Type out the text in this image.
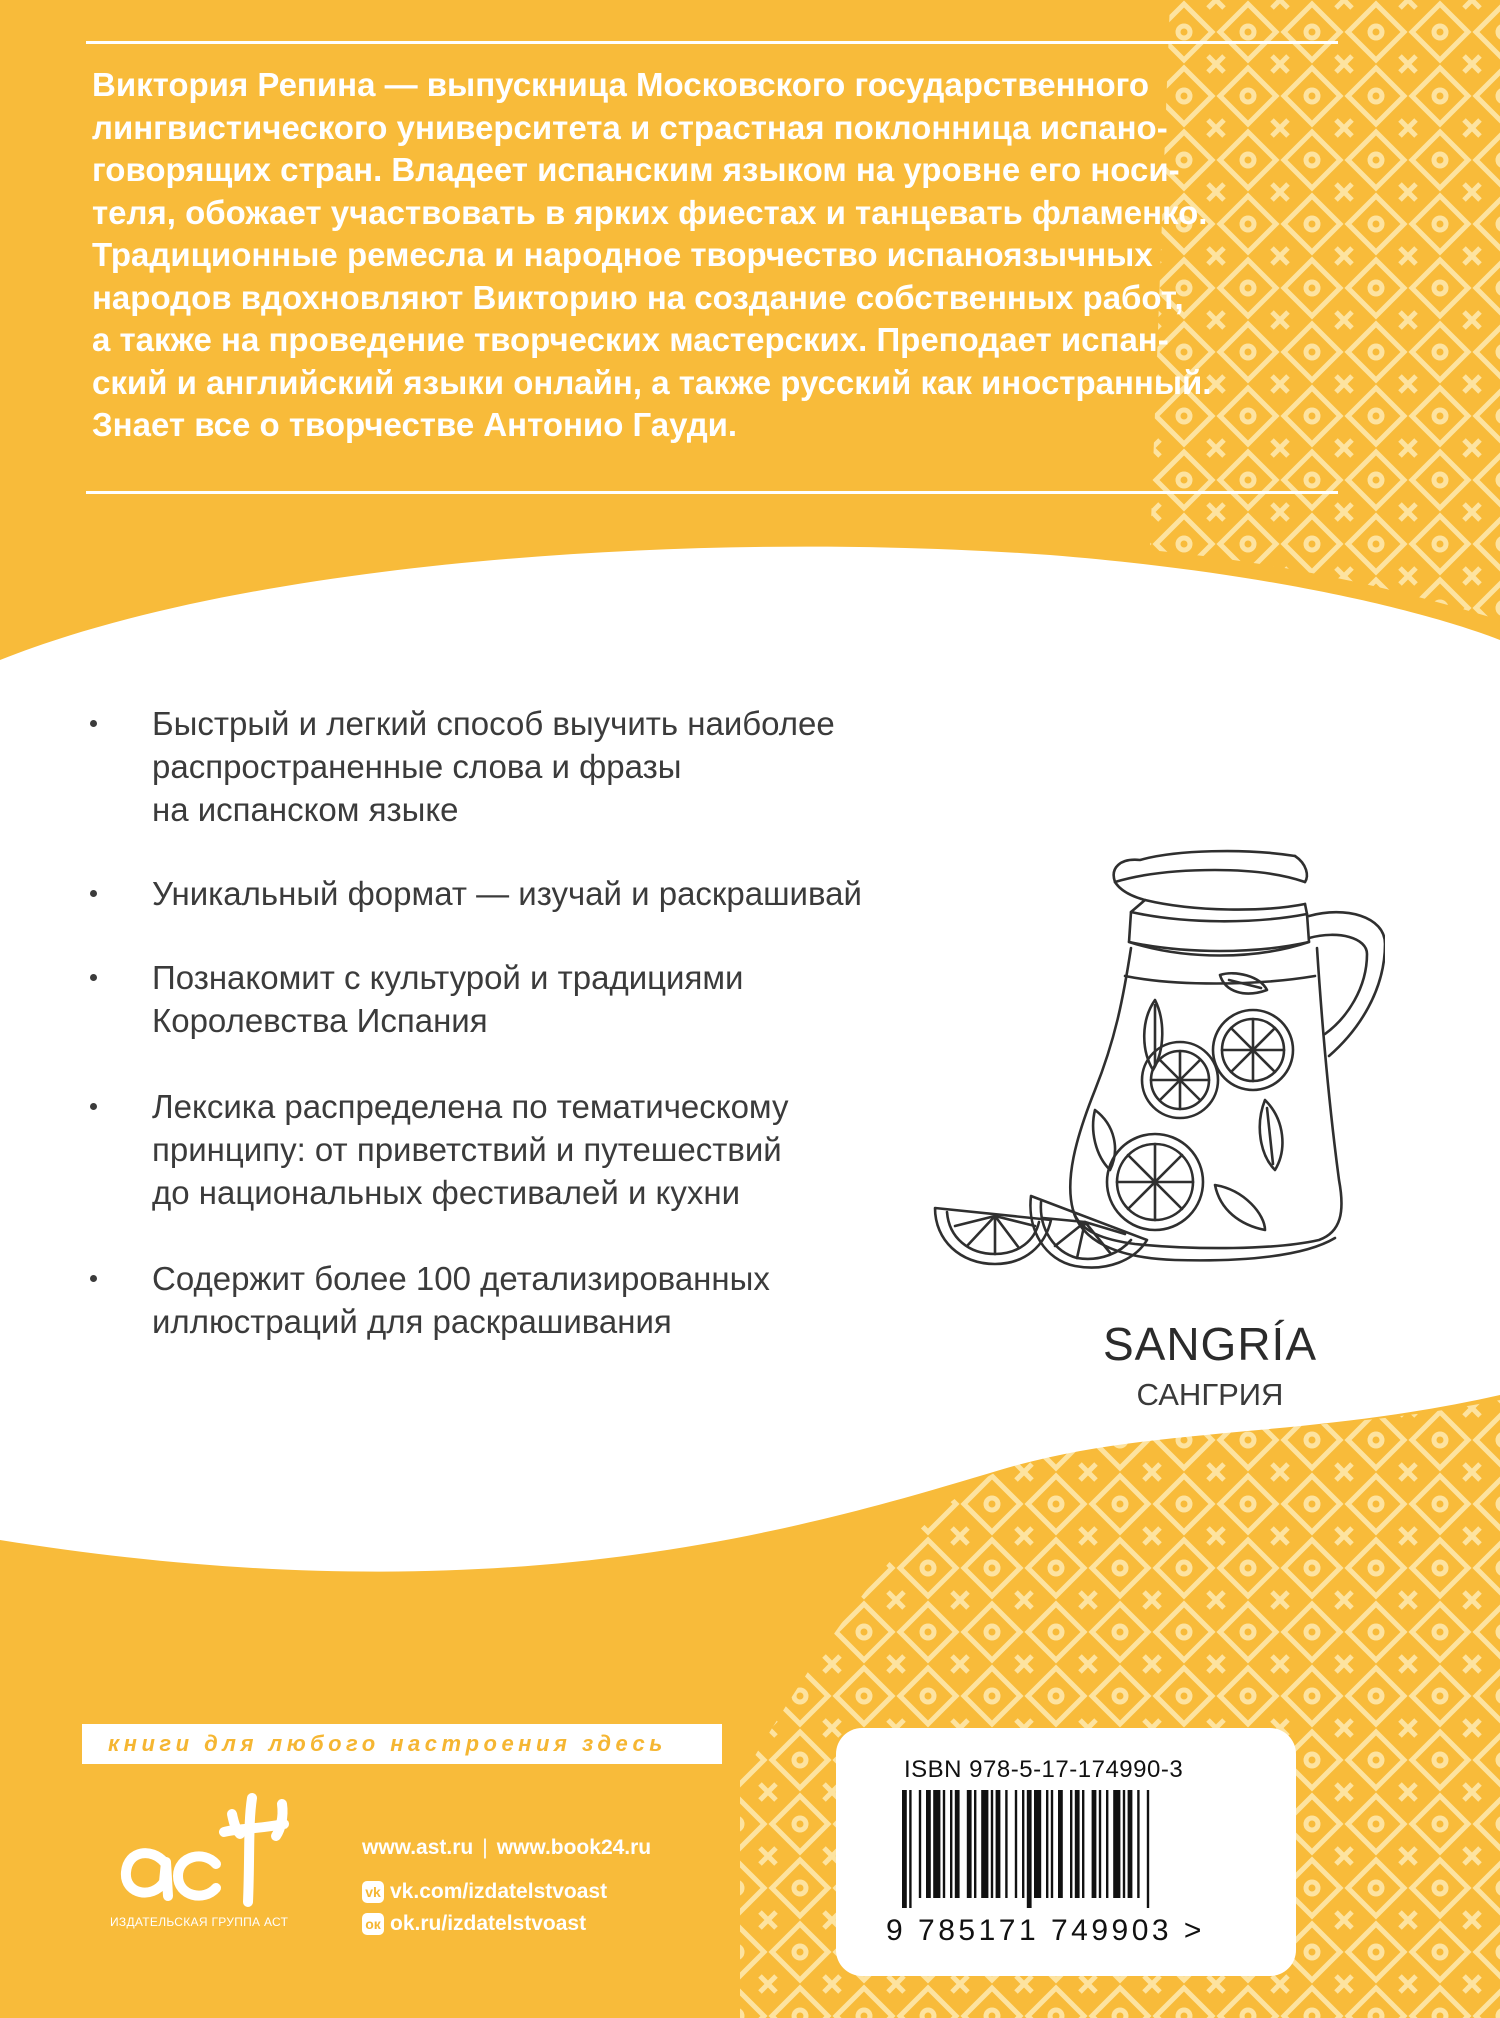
Виктория Репина — выпускница Московского государственного
лингвистического университета и страстная поклонница испано-
говорящих стран. Владеет испанским языком на уровне его носи-
теля, обожает участвовать в ярких фиестах и танцевать фламенко.
Традиционные ремесла и народное творчество испаноязычных
народов вдохновляют Викторию на создание собственных работ,
а также на проведение творческих мастерских. Преподает испан-
ский и английский языки онлайн, а также русский как иностранный.
Знает все о творчестве Антонио Гауди.
Быстрый и легкий способ выучить наиболее
распространенные слова и фразы
на испанском языке
Уникальный формат — изучай и раскрашивай
Познакомит с культурой и традициями
Королевства Испания
Лексика распределена по тематическому
принципу: от приветствий и путешествий
до национальных фестивалей и кухни
Содержит более 100 детализированных
иллюстраций для раскрашивания	SANGRÍA
САНГРИЯ
книги для любого настроения здесь
ИЗДАТЕЛЬСКАЯ ГРУППА АСТ
www.ast.ru | www.book24.ru
vk vk.com/izdatelstvoast
ок ok.ru/izdatelstvoast
ISBN 978-5-17-174990-3
9 785171 749903 >
